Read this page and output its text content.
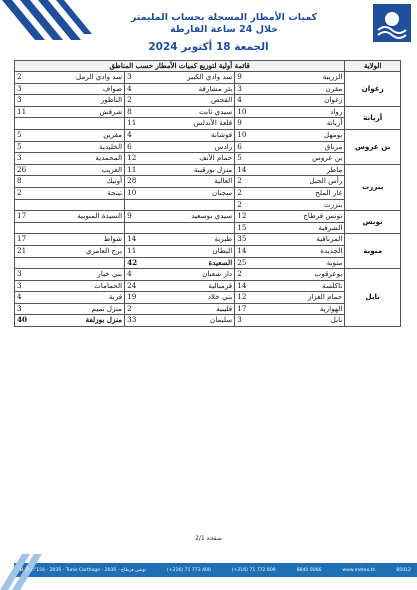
كميات الأمطار المسجلة بحساب المليمتر
خلال 24 ساعة الفارطة
الجمعة 18 أكتوبر 2024
الولاية	قائمة أولية لتوزيع كميات الأمطار حسب المناطق					
زغوان	الزريبة	9	سد وادي الكبير	3	سد وادي الرمل	2
	مقرن	3	بئر مشارقة	4	صواف	3
	زغوان	4	الفحص	2	الناظور	3
أريانة	رواد	10	سيدي ثابت	8	شرقش	11
	أريانة	9	قلعة الأندلس	11		
بن عروس	بومهل	10	فوشانة	4	مقرين	5
	مرناق	6	رادس	6	الخليدية	5
	بن عروس	5	حمام الأنف	12	المحمدية	3
بنزرت	ماطر	14	منزل بورقيبة	11	العزيب	26
	رأس الجبل	2	العالية	28	أوتيك	8
	غار الملح	2	سجنان	10	تينجة	2
	بنزرت	2				
تونس	تونس قرطاج	12	سيدي بوسعيد	9	السيدة المنوبية	17
	الشرقية	15				
منوبة	المرناقية	35	طبربة	14	شواط	17
	الجديدة	14	البطان	11	برج العامري	21
	منوبة	25	السعيدة	42		
نابل	بوعرقوب	2	دار شعبان	4	بني خيار	3
	تاكلسة	14	قرمبالية	24	الحمامات	3
	حمام الغزاز	12	بني خلاد	19	قربة	4
	الهوارية	17	قليبية	2	منزل تميم	3
	نابل	3	سليمان	33	منزل بوزلفة	40
صفحة 2/1
B. P. n°156 - 2035 - Tunis Carthage - تونس قرطاج - 2035	(+216) 71 773 400	(+216) 71 772 609	8840 0066	www.meteo.tn	85012
